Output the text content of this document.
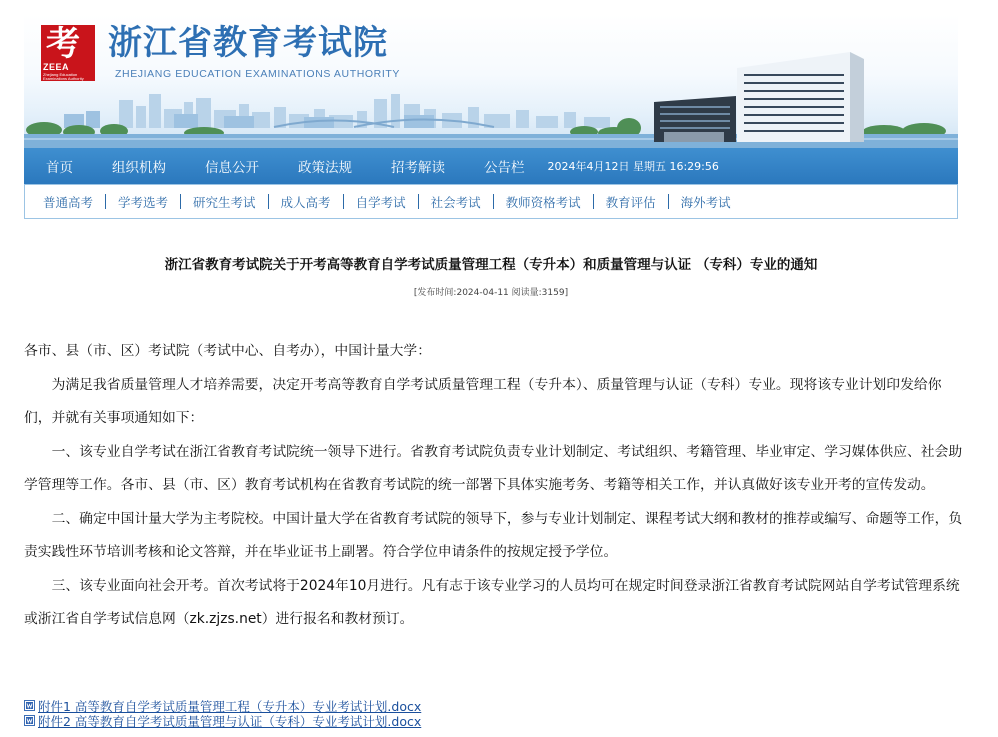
考
ZEEA
Zhejiang Education Examinations Authority
浙江省教育考试院
ZHEJIANG EDUCATION EXAMINATIONS AUTHORITY
首页	组织机构	信息公开	政策法规	招考解读	公告栏 2024年4月12日 星期五 16:29:56
普通高考 学考选考 研究生考试 成人高考 自学考试 社会考试 教师资格考试 教育评估 海外考试
浙江省教育考试院关于开考高等教育自学考试质量管理工程（专升本）和质量管理与认证 （专科）专业的通知
[发布时间:2024-04-11 阅读量:3159]

各市、县（市、区）考试院（考试中心、自考办），中国计量大学：

为满足我省质量管理人才培养需要，决定开考高等教育自学考试质量管理工程（专升本）、质量管理与认证（专科）专业。现将该专业计划印发给你们，并就有关事项通知如下：

一、该专业自学考试在浙江省教育考试院统一领导下进行。省教育考试院负责专业计划制定、考试组织、考籍管理、毕业审定、学习媒体供应、社会助学管理等工作。各市、县（市、区）教育考试机构在省教育考试院的统一部署下具体实施考务、考籍等相关工作，并认真做好该专业开考的宣传发动。

二、确定中国计量大学为主考院校。中国计量大学在省教育考试院的领导下，参与专业计划制定、课程考试大纲和教材的推荐或编写、命题等工作，负责实践性环节培训考核和论文答辩，并在毕业证书上副署。符合学位申请条件的按规定授予学位。

三、该专业面向社会开考。首次考试将于2024年10月进行。凡有志于该专业学习的人员均可在规定时间登录浙江省教育考试院网站自学考试管理系统或浙江省自学考试信息网（zk.zjzs.net）进行报名和教材预订。

附件1 高等教育自学考试质量管理工程（专升本）专业考试计划.docx
附件2 高等教育自学考试质量管理与认证（专科）专业考试计划.docx
